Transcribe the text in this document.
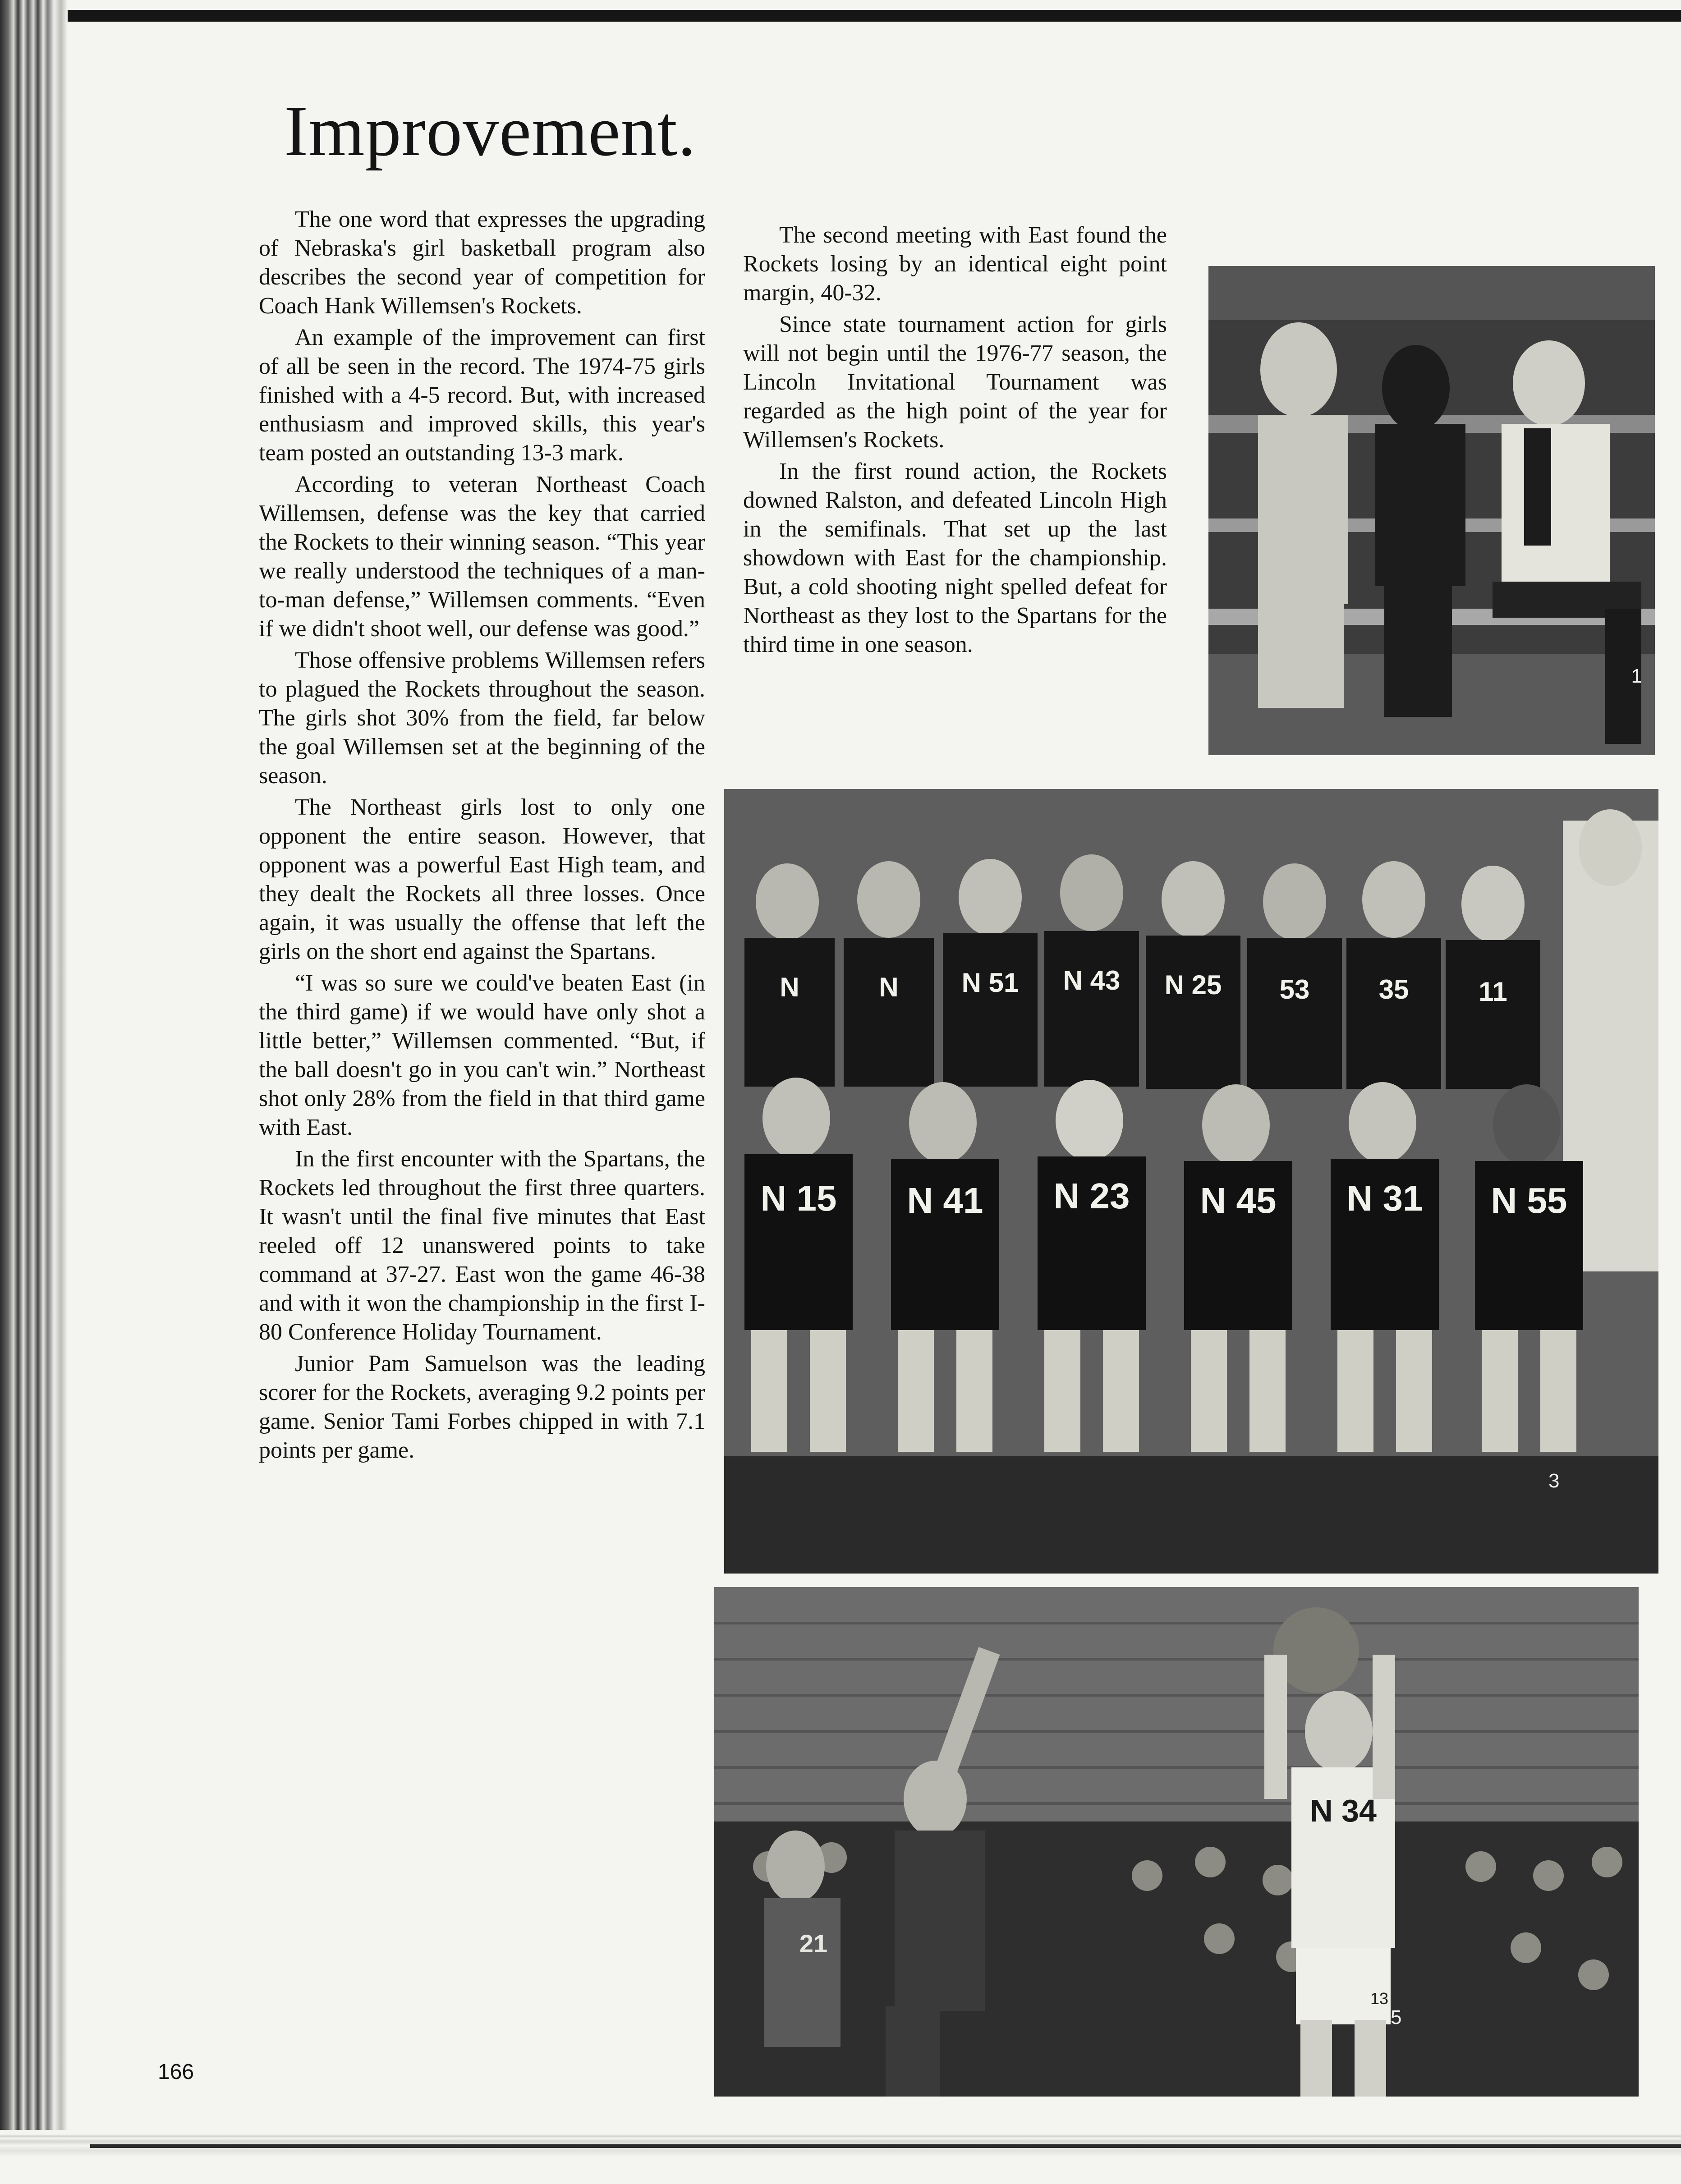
Improvement.

The one word that expresses the upgrading of Nebraska's girl basketball program also describes the second year of competition for Coach Hank Willemsen's Rockets.

An example of the improvement can first of all be seen in the record. The 1974-75 girls finished with a 4-5 record. But, with increased enthusiasm and improved skills, this year's team posted an outstanding 13-3 mark.

According to veteran Northeast Coach Willemsen, defense was the key that carried the Rockets to their winning season. “This year we really understood the techniques of a man-to-man defense,” Willemsen comments. “Even if we didn't shoot well, our defense was good.”

Those offensive problems Willemsen refers to plagued the Rockets throughout the season. The girls shot 30% from the field, far below the goal Willemsen set at the beginning of the season.

The Northeast girls lost to only one opponent the entire season. However, that opponent was a powerful East High team, and they dealt the Rockets all three losses. Once again, it was usually the offense that left the girls on the short end against the Spartans.

“I was so sure we could've beaten East (in the third game) if we would have only shot a little better,” Willemsen commented. “But, if the ball doesn't go in you can't win.” Northeast shot only 28% from the field in that third game with East.

In the first encounter with the Spartans, the Rockets led throughout the first three quarters. It wasn't until the final five minutes that East reeled off 12 unanswered points to take command at 37-27. East won the game 46-38 and with it won the championship in the first I-80 Conference Holiday Tournament.

Junior Pam Samuelson was the leading scorer for the Rockets, averaging 9.2 points per game. Senior Tami Forbes chipped in with 7.1 points per game.

The second meeting with East found the Rockets losing by an identical eight point margin, 40-32.

Since state tournament action for girls will not begin until the 1976-77 season, the Lincoln Invitational Tournament was regarded as the high point of the year for Willemsen's Rockets.

In the first round action, the Rockets downed Ralston, and defeated Lincoln High in the semifinals. That set up the last showdown with East for the championship. But, a cold shooting night spelled defeat for Northeast as they lost to the Spartans for the third time in one season.

1
N	N N 51 N 43 N 25 53	35	11
N 15 N 41 N 23 N 45 N 31 N 55
3
N 34
21
13
5
166
